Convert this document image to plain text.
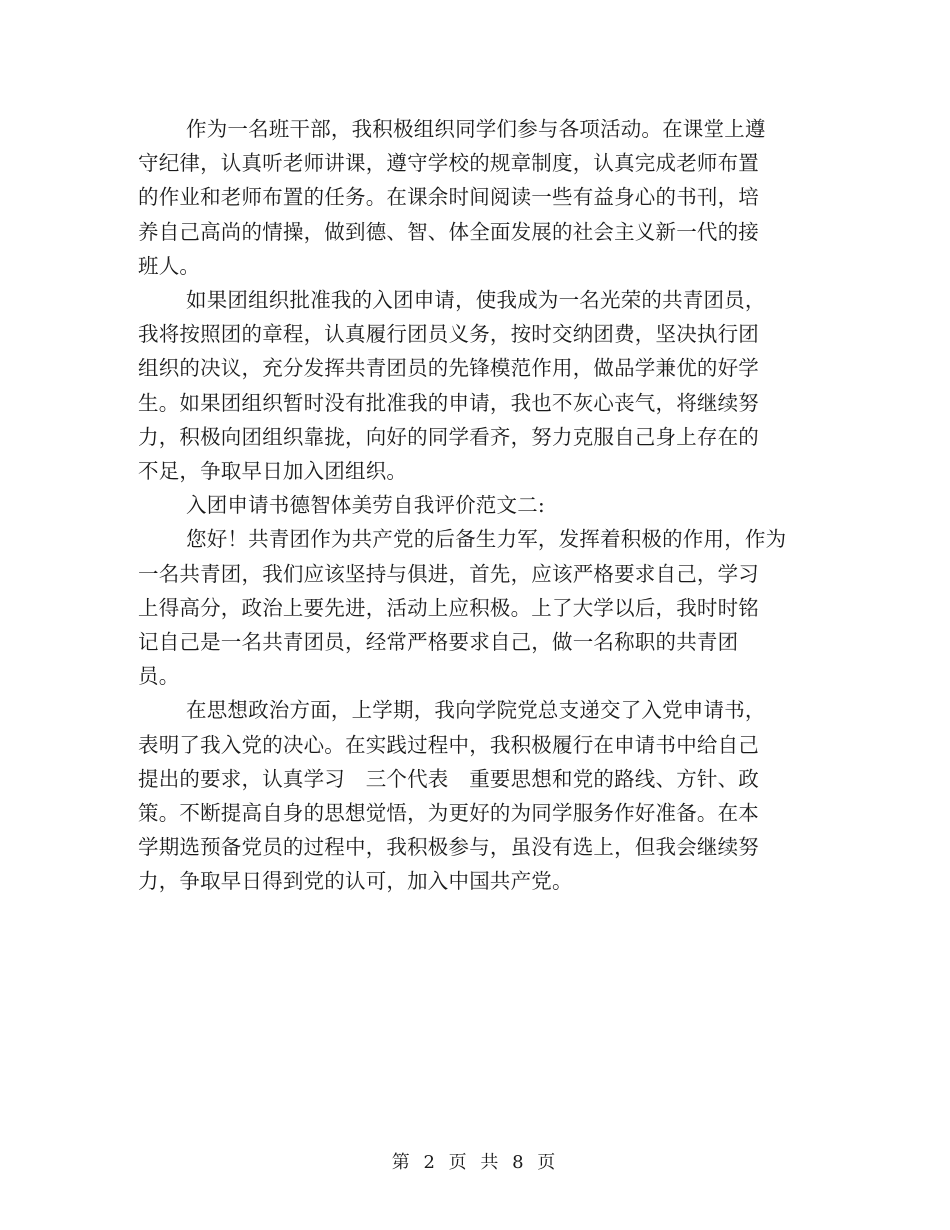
作为一名班干部，我积极组织同学们参与各项活动。在课堂上遵
守纪律，认真听老师讲课，遵守学校的规章制度，认真完成老师布置
的作业和老师布置的任务。在课余时间阅读一些有益身心的书刊，培
养自己高尚的情操，做到德、智、体全面发展的社会主义新一代的接
班人。

如果团组织批准我的入团申请，使我成为一名光荣的共青团员，
我将按照团的章程，认真履行团员义务，按时交纳团费，坚决执行团
组织的决议，充分发挥共青团员的先锋模范作用，做品学兼优的好学
生。如果团组织暂时没有批准我的申请，我也不灰心丧气，将继续努
力，积极向团组织靠拢，向好的同学看齐，努力克服自己身上存在的
不足，争取早日加入团组织。

入团申请书德智体美劳自我评价范文二:

您好！共青团作为共产党的后备生力军，发挥着积极的作用，作为
一名共青团，我们应该坚持与俱进，首先，应该严格要求自己，学习
上得高分，政治上要先进，活动上应积极。上了大学以后，我时时铭
记自己是一名共青团员，经常严格要求自己，做一名称职的共青团
员。

在思想政治方面，上学期，我向学院党总支递交了入党申请书，
表明了我入党的决心。在实践过程中，我积极履行在申请书中给自己
提出的要求，认真学习　三个代表　重要思想和党的路线、方针、政
策。不断提高自身的思想觉悟，为更好的为同学服务作好准备。在本
学期选预备党员的过程中，我积极参与，虽没有选上，但我会继续努
力，争取早日得到党的认可，加入中国共产党。

第 2 页 共 8 页
